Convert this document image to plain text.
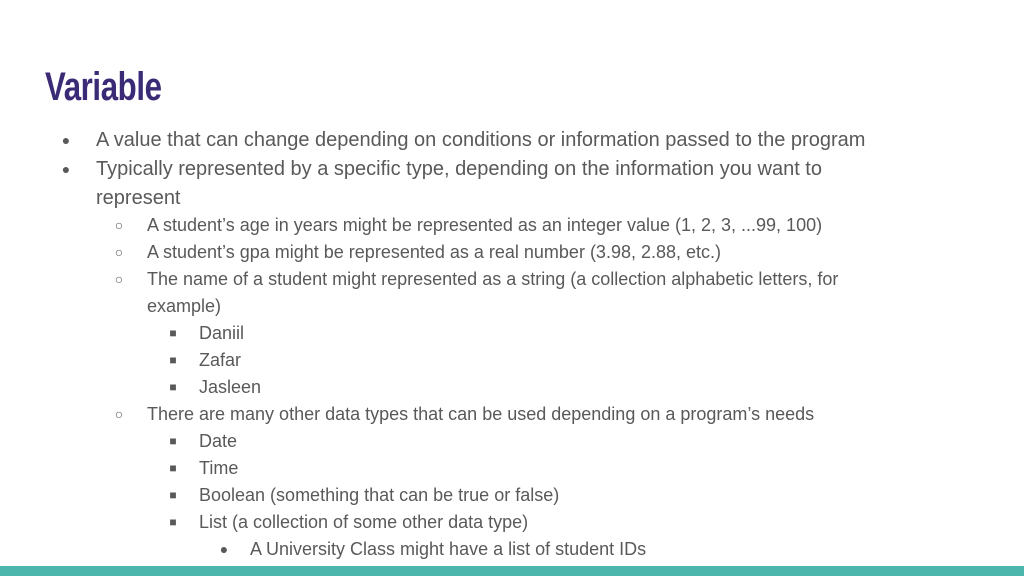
Variable
● A value that can change depending on conditions or information passed to the program
● Typically represented by a specific type, depending on the information you want to
represent
○	A student’s age in years might be represented as an integer value (1, 2, 3, ...99, 100)
○	A student’s gpa might be represented as a real number (3.98, 2.88, etc.)
○	The name of a student might represented as a string (a collection alphabetic letters, for
example)
■	Daniil
■	Zafar
■	Jasleen
○	There are many other data types that can be used depending on a program’s needs
■	Date
■	Time
■	Boolean (something that can be true or false)
■	List (a collection of some other data type)
●	A University Class might have a list of student IDs
